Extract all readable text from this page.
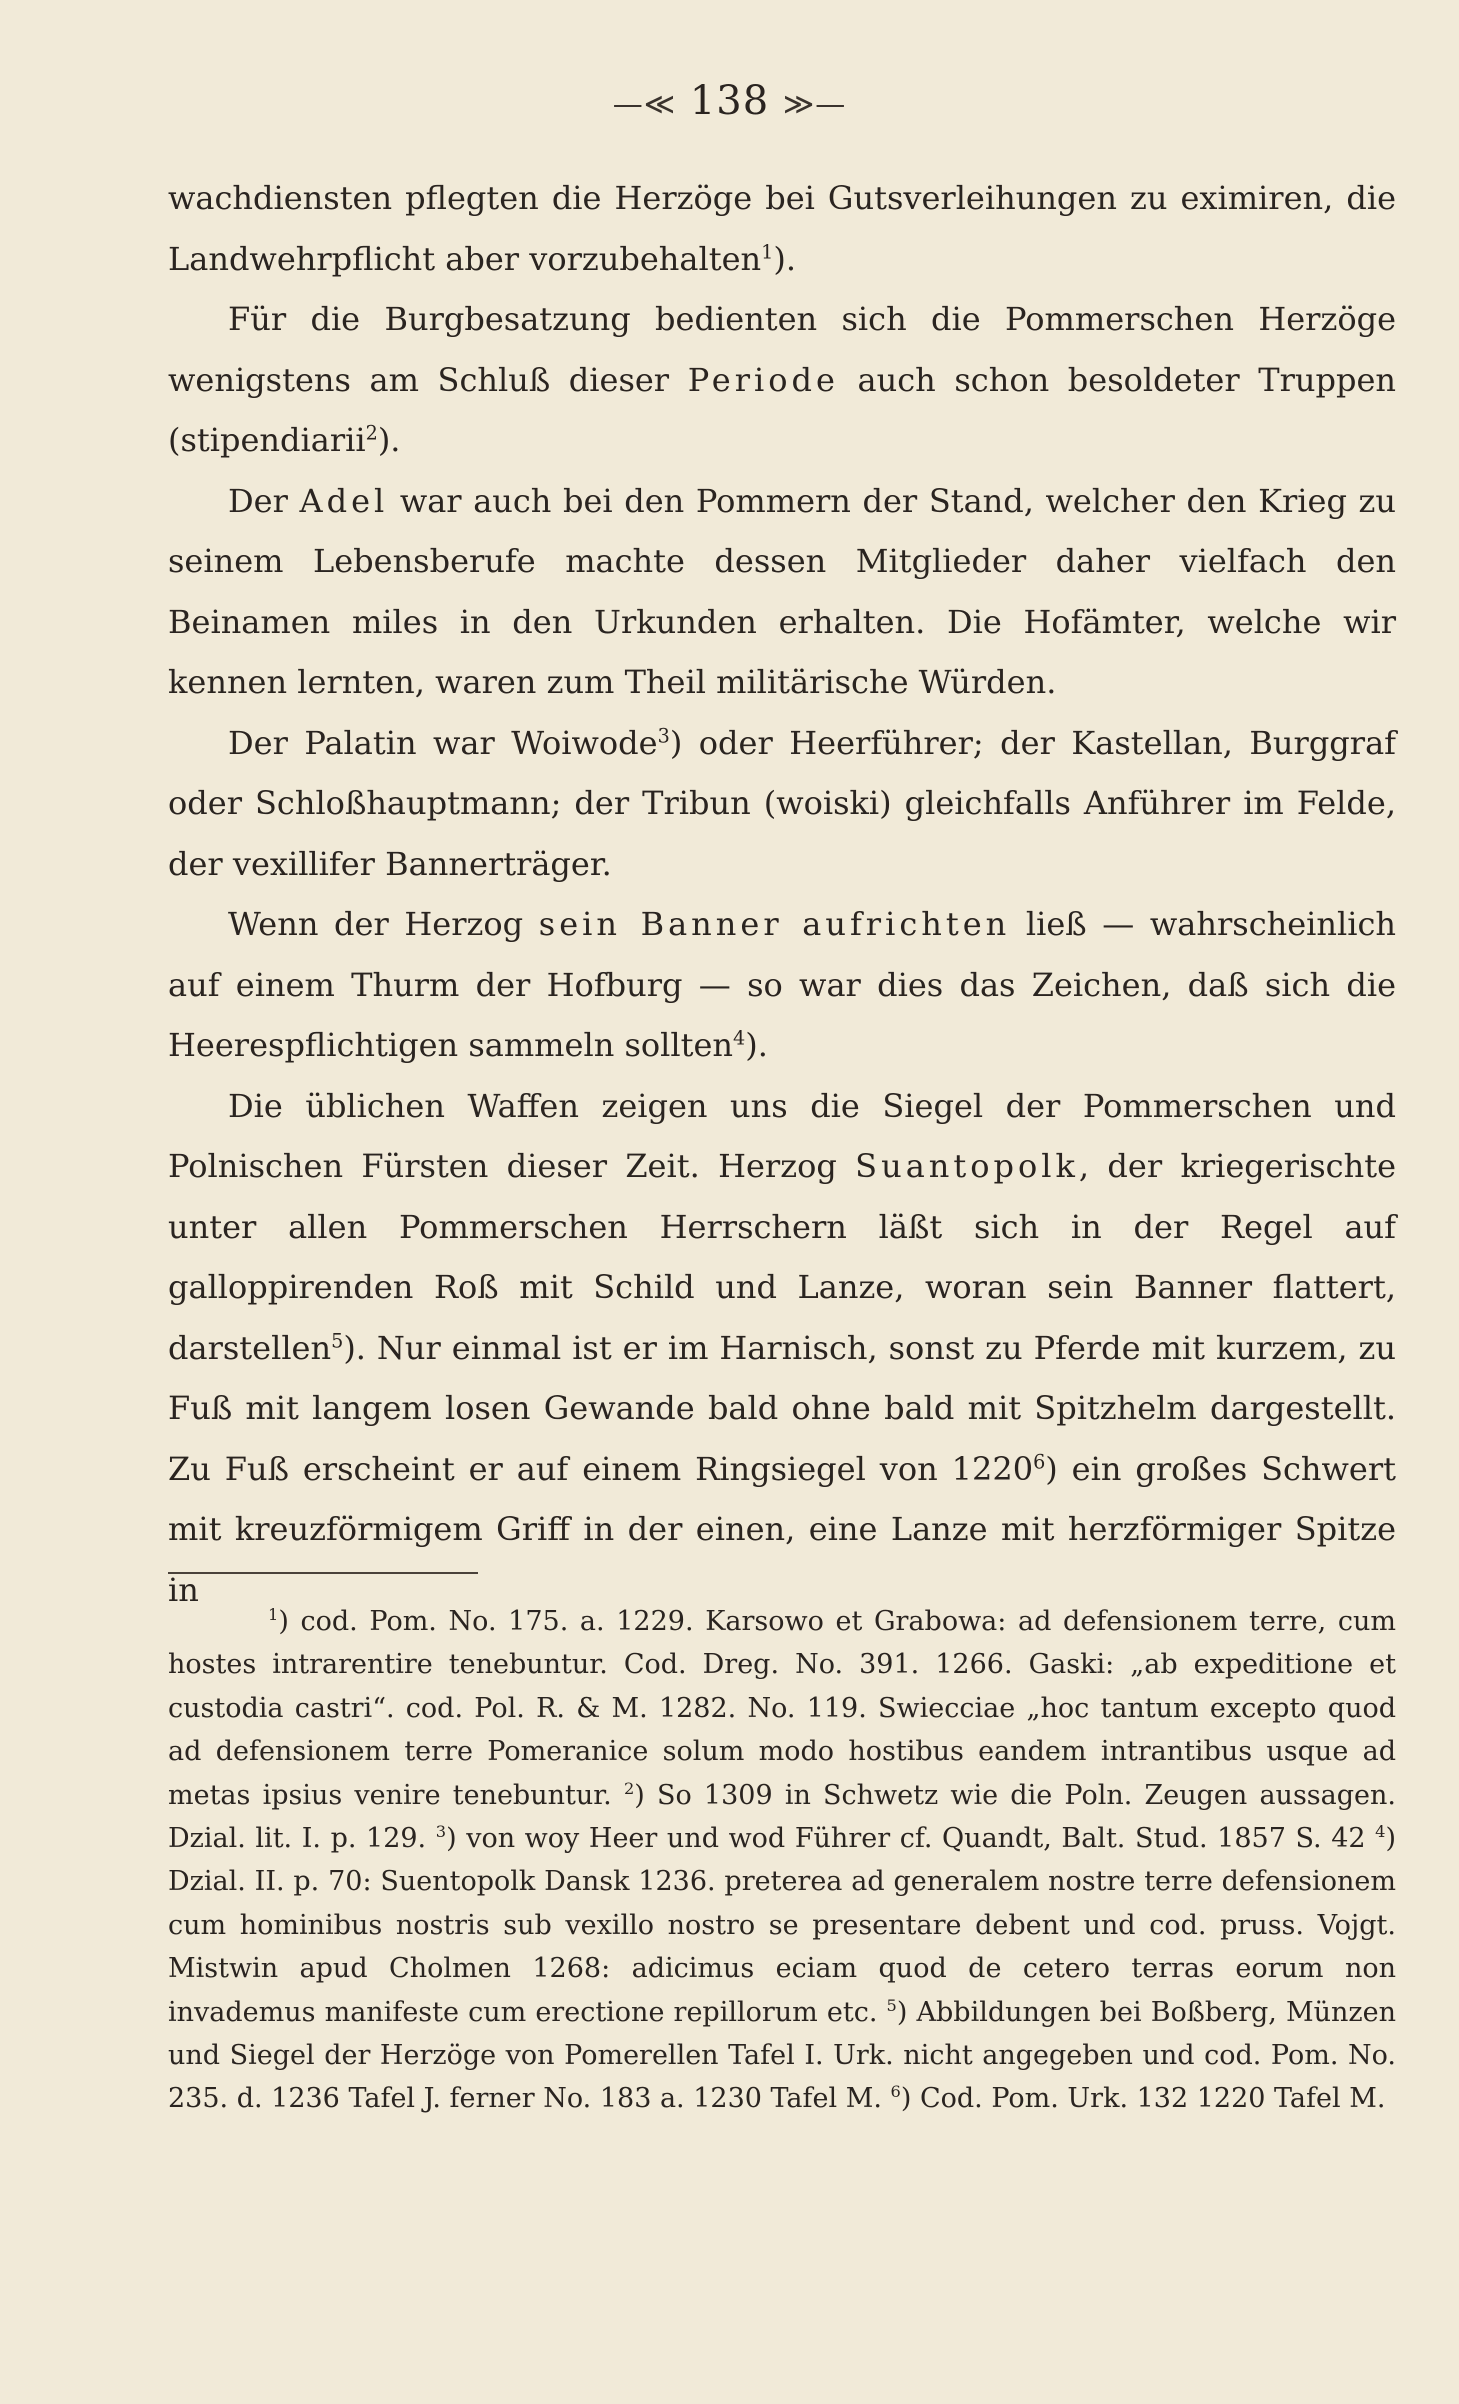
—≪ 138 ≫—

wachdiensten pflegten die Herzöge bei Gutsverleihungen zu eximiren, die Landwehrpflicht aber vorzubehalten$^1$).

Für die Burgbesatzung bedienten sich die Pommerschen Herzöge wenigstens am Schluß dieser Periode auch schon besoldeter Truppen (stipendiarii$^2$).

Der Adel war auch bei den Pommern der Stand, welcher den Krieg zu seinem Lebensberufe machte dessen Mitglieder daher vielfach den Beinamen miles in den Urkunden erhalten. Die Hofämter, welche wir kennen lernten, waren zum Theil militärische Würden.

Der Palatin war Woiwode$^3$) oder Heerführer; der Kastellan, Burggraf oder Schloßhauptmann; der Tribun (woiski) gleichfalls Anführer im Felde, der vexillifer Bannerträger.

Wenn der Herzog sein Banner aufrichten ließ — wahrscheinlich auf einem Thurm der Hofburg — so war dies das Zeichen, daß sich die Heerespflichtigen sammeln sollten$^4$).

Die üblichen Waffen zeigen uns die Siegel der Pommerschen und Polnischen Fürsten dieser Zeit. Herzog Suantopolk, der kriegerischte unter allen Pommerschen Herrschern läßt sich in der Regel auf galloppirenden Roß mit Schild und Lanze, woran sein Banner flattert, darstellen$^5$). Nur einmal ist er im Harnisch, sonst zu Pferde mit kurzem, zu Fuß mit langem losen Gewande bald ohne bald mit Spitzhelm dargestellt. Zu Fuß erscheint er auf einem Ringsiegel von 1220$^6$) ein großes Schwert mit kreuzförmigem Griff in der einen, eine Lanze mit herzförmiger Spitze in

$^1$) cod. Pom. No. 175. a. 1229. Karsowo et Grabowa: ad defensionem terre, cum hostes intrarentire tenebuntur. Cod. Dreg. No. 391. 1266. Gaski: „ab expeditione et custodia castri“. cod. Pol. R. & M. 1282. No. 119. Swiecciae „hoc tantum excepto quod ad defensionem terre Pomeranice solum modo hostibus eandem intrantibus usque ad metas ipsius venire tenebuntur. $^2$) So 1309 in Schwetz wie die Poln. Zeugen aussagen. Dzial. lit. I. p. 129. $^3$) von woy Heer und wod Führer cf. Quandt, Balt. Stud. 1857 S. 42 $^4$) Dzial. II. p. 70: Suentopolk Dansk 1236. preterea ad generalem nostre terre defensionem cum hominibus nostris sub vexillo nostro se presentare debent und cod. pruss. Vojgt. Mistwin apud Cholmen 1268: adicimus eciam quod de cetero terras eorum non invademus manifeste cum erectione repillorum etc. $^5$) Abbildungen bei Boßberg, Münzen und Siegel der Herzöge von Pomerellen Tafel I. Urk. nicht angegeben und cod. Pom. No. 235. d. 1236 Tafel J. ferner No. 183 a. 1230 Tafel M. $^6$) Cod. Pom. Urk. 132 1220 Tafel M.
